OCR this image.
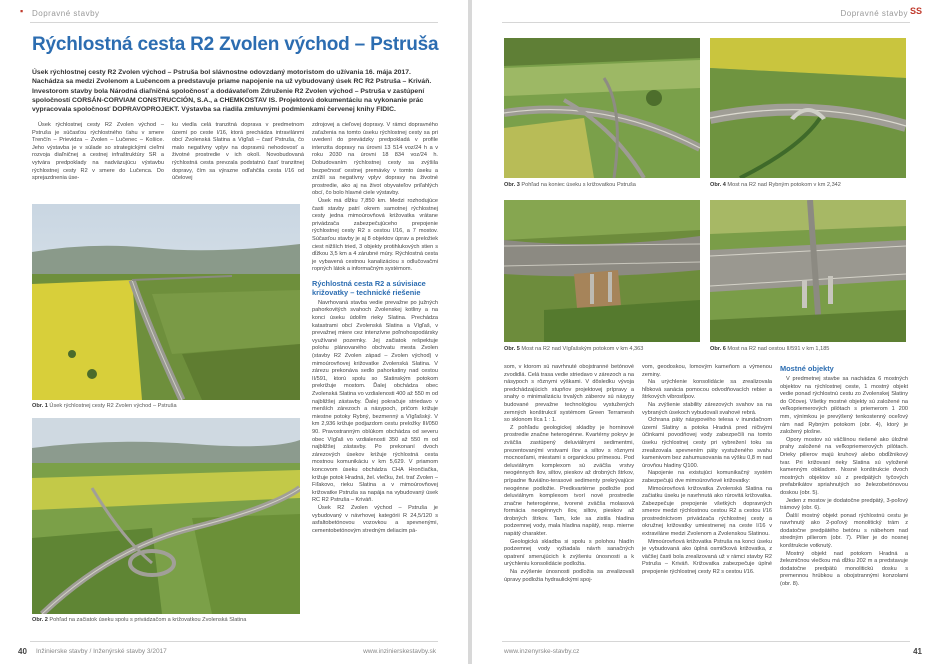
▪ Dopravné stavby
Rýchlostná cesta R2 Zvolen východ – Pstruša
Úsek rýchlostnej cesty R2 Zvolen východ – Pstruša bol slávnostne odovzdaný motoristom do užívania 16. mája 2017. Nachádza sa medzi Zvolenom a Lučencom a predstavuje priame napojenie na už vybudovaný úsek RC R2 Pstruša – Kriváň. Investorom stavby bola Národná diaľničná spoločnosť a dodávateľom Združenie R2 Zvolen východ – Pstruša v zastúpení spoločností CORSÁN-CORVIAM CONSTRUCCIÓN, S.A., a CHEMKOSTAV IS. Projektovú dokumentáciu na vykonanie prác vypracovala spoločnosť DOPRAVOPROJEKT. Výstavba sa riadila zmluvnými podmienkami červenej knihy FIDIC.

Úsek rýchlostnej cesty R2 Zvolen východ – Pstruša je súčasťou rýchlostného ťahu v smere Trenčín – Prievidza – Zvolen – Lučenec – Košice. Jeho výstavba je v súlade so strategickými cieľmi rozvoja diaľničnej a cestnej infraštruktúry SR a vytvára predpoklady na nadväzujúcu výstavbu rýchlostnej cesty R2 v smere do Lučenca. Do sprejazdnenia úse-

ku viedla celá tranzitná doprava v predmetnom území po ceste I/16, ktorá prechádza intravilánmi obcí Zvolenská Slatina a Vígľaš – časť Pstruša, čo malo negatívny vplyv na dopravnú nehodovosť a životné prostredie v ich okolí. Novobudovaná rýchlostná cesta prevzala podstatnú časť tranzitnej dopravy, čím sa výrazne odľahčila cesta I/16 od účelovej

Obr. 1 Úsek rýchlostnej cesty R2 Zvolen východ – Pstruša
Obr. 2 Pohľad na začiatok úseku spolu s privádzačom a križovatkou Zvolenská Slatina

zdrojovej a cieľovej dopravy. V rámci dopravného zaťaženia na tomto úseku rýchlostnej cesty sa pri uvedení do prevádzky predpokladá v profile intenzita dopravy na úrovni 13 514 voz/24 h a v roku 2030 na úrovni 18 834 voz/24 h. Dobudovaním rýchlostnej cesty sa zvýšila bezpečnosť cestnej premávky v tomto úseku a znížil sa negatívny vplyv dopravy na životné prostredie, ako aj na život obyvateľov priľahlých obcí, čo bolo hlavné ciele výstavby.

Úsek má dĺžku 7,850 km. Medzi rozhodujúce časti stavby patrí okrem samotnej rýchlostnej cesty jedna mimoúrovňová križovatka vrátane privádzača zabezpečujúceho prepojenie rýchlostnej cesty R2 s cestou I/16, a 7 mostov. Súčasťou stavby je aj 8 objektov úprav a preložiek ciest nižších tried, 3 objekty protihlukových stien s dĺžkou 3,5 km a 4 zárubné múry. Rýchlostná cesta je vybavená cestnou kanalizáciou s odlučovačmi ropných látok a informačným systémom.

Rýchlostná cesta R2 a súvisiace križovatky – technické riešenie

Navrhovaná stavba vedie prevažne po južných pahorkovitých svahoch Zvolenskej kotliny a na konci úseku údolím rieky Slatina. Prechádza katastrami obcí Zvolenská Slatina a Vígľaš, v prevažnej miere cez intenzívne poľnohospodársky využívané pozemky. Jej začiatok rešpektuje polohu plánovaného obchvatu mesta Zvolen (stavby R2 Zvolen západ – Zvolen východ) v mimoúrovňovej križovatke Zvolenská Slatina. V zárezu prekonáva sedlo pahorkatiny nad cestou II/591, ktorú spolu so Slatinským potokom prekrižuje mostom. Ďalej obchádza obec Zvolenská Slatina vo vzdialenosti 400 až 550 m od najbližšej zástavby. Ďalej pokračuje striedavo v menších zárezoch a násypoch, pričom križuje miestne potoky Rybný, bezmenný a Vígľašský. V km 2,936 križuje podjazdom cestu preložky III/050 90. Pravostranným oblúkom obchádza od severu obec Vígľaš vo vzdialenosti 350 až 550 m od najbližšej zástavby. Po prekonaní dvoch zárezových úsekov križuje rýchlostná cesta mostnou komunikáciu v km 5,629. V priamom koncovom úseku obchádza CHA Hrončiačka, križuje potok Hradná, žel. vlečku, žel. trať Zvolen – Fiľakovo, rieku Slatina a v mimoúrovňovej križovatke Pstruša sa napája na vybudovaný úsek RC R2 Pstruša – Kriváň.

Úsek R2 Zvolen východ – Pstruša je vybudovaný v návrhovej kategórii R 24,5/120 s asfaltobetónovou vozovkou a spevnenými, cementobetónovým stredným deliacim pá-

40 Inžinierske stavby / Inženýrské stavby 3/2017	www.inzinierskestavby.sk
Dopravné stavby SS
Obr. 3 Pohľad na koniec úseku s križovatkou Pstruša	Obr. 4 Most na R2 nad Rybným potokom v km 2,342
Obr. 5 Most na R2 nad Vígľašským potokom v km 4,363	Obr. 6 Most na R2 nad cestou II/591 v km 1,185

som, v ktorom sú navrhnuté obojstranné betónové zvodidlá. Celá trasa vedie striedavo v zárezoch a na násypoch s rôznymi výškami. V dôsledku vývoja predchádzajúcich stupňov projektovej prípravy a snahy o minimalizáciu trvalých záberov sú násypy budované prevažne technológiou vystužených zemných konštrukcií systémom Green Terramesh so sklonom líca 1 : 1.

Z pohľadu geologickej skladby je horninové prostredie značne heterogénne. Kvartérny pokryv je zväčša zastúpený deluviálnymi sedimentmi, prezentovanými vrstvami ílov a siltov s rôznymi mocnosťami, miestami s organickou prímesou. Pod deluviálnym komplexom sú zväčša vrstvy neogénnych ílov, siltov, pieskov až drobných štrkov, prípadne fluviálno-terasové sedimenty prekrývajúce neogénne podložie. Predkvartérne podložie pod deluviálnym komplexom tvorí nové prostredie značne heterogénne, tvorené zväčša molasová formácia neogénnych ílov, siltov, pieskov až drobných štrkov. Tam, kde sa zistila hladina podzemnej vody, mala hladina napätý, resp. mierne napätý charakter.

Geologická skladba si spolu s polohou hladín podzemnej vody vyžiadala návrh sanačných opatrení smerujúcich k zvýšeniu únosnosti a k urýchleniu konsolidácie podložia.

Na zvýšenie únosnosti podložia sa zrealizovali úpravy podložia hydraulickými spoj-

vom, geodoskou, lomovým kameňom a výmenou zeminy.

Na urýchlenie konsolidácie sa zrealizovala hĺbková sanácia pomocou odvodňovacích rebier a štrkových vibrostĺpov.

Na zvýšenie stability zárezových svahov sa na vybraných úsekoch vybudovali svahové rebrá.

Ochrana päty násypového telesa v inundačnom území Slatiny a potoka Hradná pred ničivými účinkami povodňovej vody zabezpečili na tomto úseku rýchlostnej cesty pri vybrežení toku sa zrealizovala spevnením päty vystuženého svahu kamenivom bez zahumusovania na výšku 0,8 m nad úrovňou hladiny Q100.

Napojenie na existujúci komunikačný systém zabezpečujú dve mimoúrovňové križovatky:

Mimoúrovňová križovatka Zvolenská Slatina na začiatku úseku je navrhnutá ako rúrovitá križovatka. Zabezpečuje prepojenie všetkých dopravných smerov medzi rýchlostnou cestou R2 a cestou I/16 prostredníctvom privádzača rýchlostnej cesty a okružnej križovatky umiestnenej na ceste I/16 v extraviláne medzi Zvolenom a Zvolenskou Slatinou.

Mimoúrovňová križovatka Pstruša na konci úseku je vybudovaná ako úplná osmičková križovatka, z väčšej časti bola zrealizovaná už v rámci stavby R2 Pstruša – Kriváň. Križovatka zabezpečuje úplné prepojenie rýchlostnej cesty R2 s cestou I/16.

Mostné objekty

V predmetnej stavbe sa nachádza 6 mostných objektov na rýchlostnej ceste, 1 mostný objekt vedie ponad rýchlostnú cestu zo Zvolenskej Slatiny do Očovej. Všetky mostné objekty sú založené na veľkopriemerových pilótach s priemerom 1 200 mm, výnimkou je prevýšený tenkostenný oceľový rám nad Rybným potokom (obr. 4), ktorý je založený plošne.

Opory mostov sú väčšinou riešené ako úložné prahy založené na veľkopriemerových pilótach. Drieky pilierov majú kruhový alebo obdĺžnikový tvar. Pri križovaní rieky Slatina sú vyložené kamenným obkladom. Nosné konštrukcie dvoch mostných objektov sú z predpätých tyčových prefabrikátov spriahnutých so železobetónovou doskou (obr. 5).

Jeden z mostov je dodatočne predpätý, 3-poľový trámový (obr. 6).

Ďalší mostný objekt ponad rýchlostnú cestu je navrhnutý ako 2-poľový monolitický trám z dodatočne predpätého betónu s nábehom nad stredným pilierom (obr. 7). Pilier je do nosnej konštrukcie votknutý.

Mostný objekt nad potokom Hradná a železničnou vlečkou má dĺžku 202 m a predstavuje dodatočne predpätú monolitickú dosku s premennou hrúbkou a obojstrannými konzolami (obr. 8).

www.inzenyrske-stavby.cz	41
